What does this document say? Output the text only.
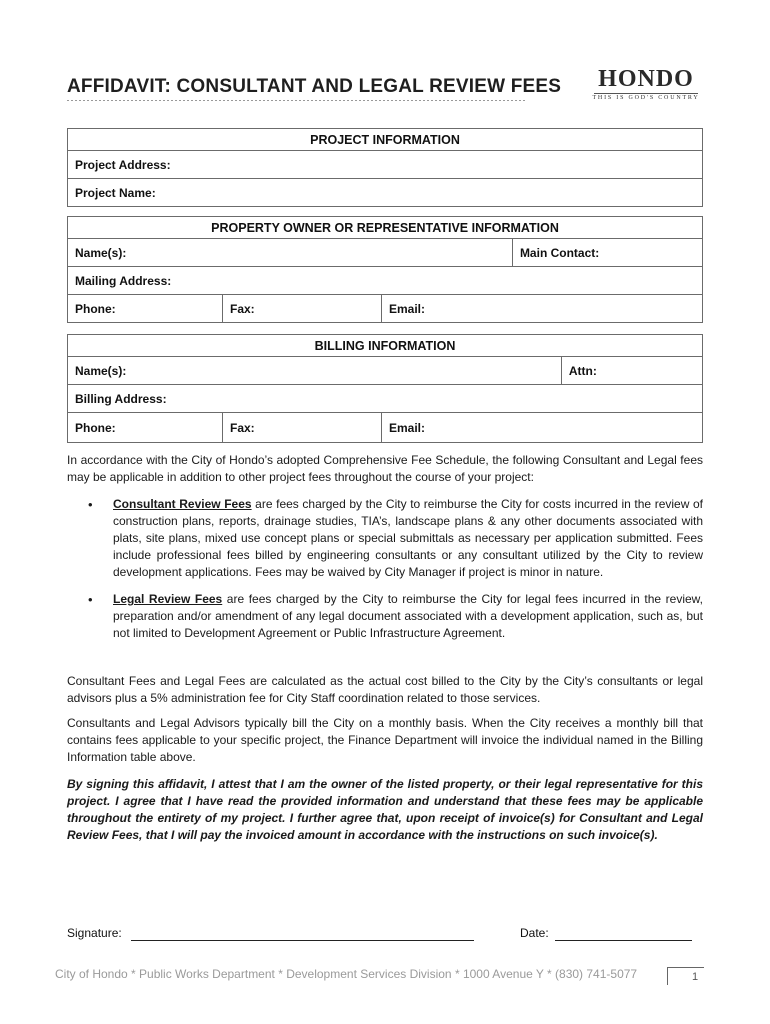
AFFIDAVIT: CONSULTANT AND LEGAL REVIEW FEES HONDO
THIS IS GOD'S COUNTRY
PROJECT INFORMATION
Project Address:
Project Name:
PROPERTY OWNER OR REPRESENTATIVE INFORMATION			
Name(s):			Main Contact:
Mailing Address:			
Phone:	Fax:	Email:	
BILLING INFORMATION			
Name(s):			Attn:
Billing Address:			
Phone:	Fax:	Email:	
In accordance with the City of Hondo’s adopted Comprehensive Fee Schedule, the following Consultant and Legal fees may be applicable in addition to other project fees throughout the course of your project:
• Consultant Review Fees are fees charged by the City to reimburse the City for costs incurred in the review of construction plans, reports, drainage studies, TIA’s, landscape plans & any other documents associated with plats, site plans, mixed use concept plans or special submittals as necessary per application submitted. Fees include professional fees billed by engineering consultants or any consultant utilized by the City to review development applications. Fees may be waived by City Manager if project is minor in nature.
• Legal Review Fees are fees charged by the City to reimburse the City for legal fees incurred in the review, preparation and/or amendment of any legal document associated with a development application, such as, but not limited to Development Agreement or Public Infrastructure Agreement.
Consultant Fees and Legal Fees are calculated as the actual cost billed to the City by the City’s consultants or legal advisors plus a 5% administration fee for City Staff coordination related to those services.
Consultants and Legal Advisors typically bill the City on a monthly basis. When the City receives a monthly bill that contains fees applicable to your specific project, the Finance Department will invoice the individual named in the Billing Information table above.
By signing this affidavit, I attest that I am the owner of the listed property, or their legal representative for this project. I agree that I have read the provided information and understand that these fees may be applicable throughout the entirety of my project. I further agree that, upon receipt of invoice(s) for Consultant and Legal Review Fees, that I will pay the invoiced amount in accordance with the instructions on such invoice(s).
Signature:	Date:
City of Hondo * Public Works Department * Development Services Division * 1000 Avenue Y * (830) 741-5077	1
